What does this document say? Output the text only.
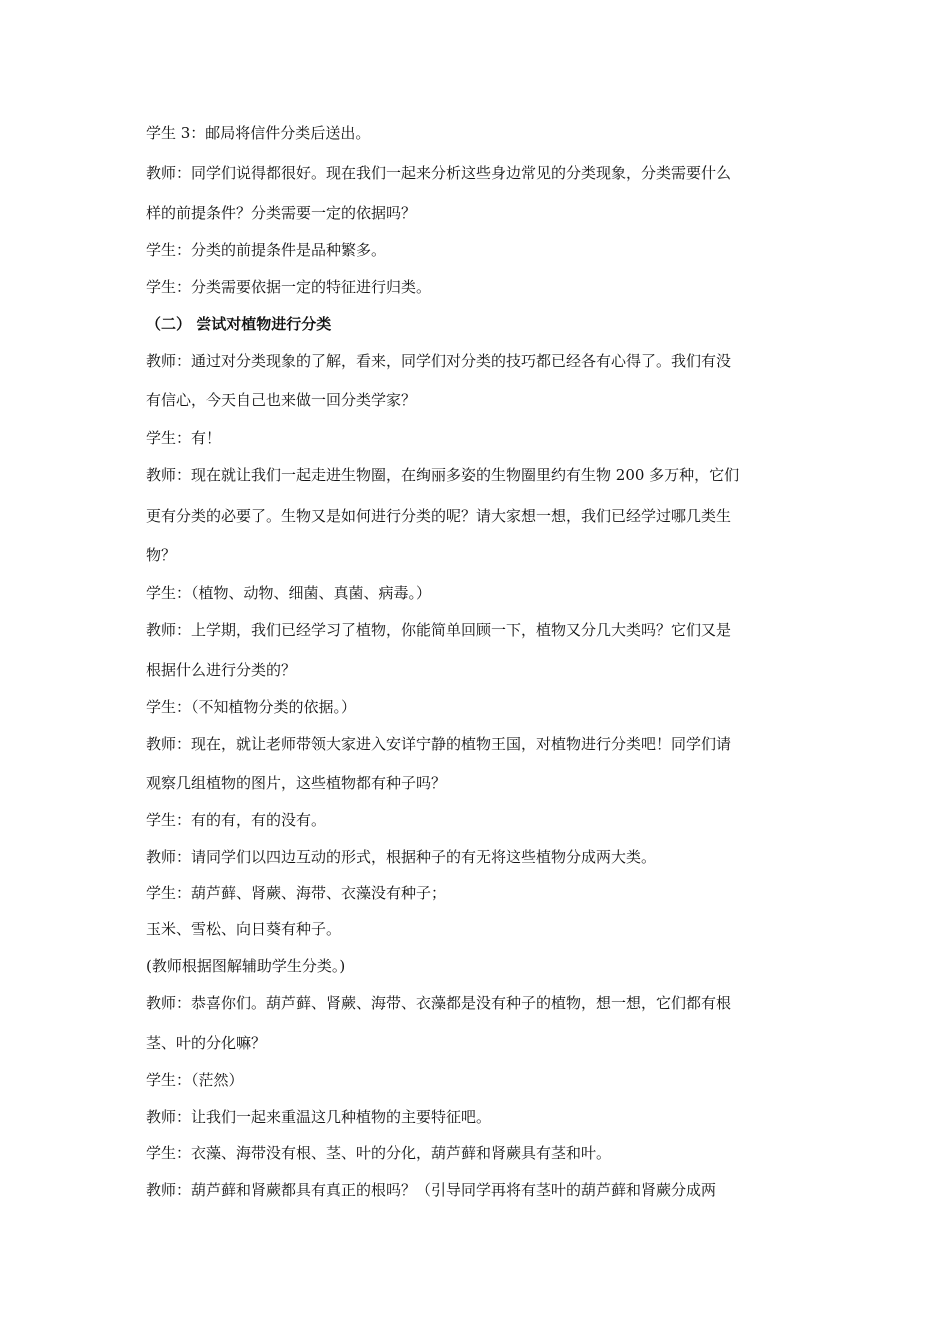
学生 3：邮局将信件分类后送出。
教师：同学们说得都很好。现在我们一起来分析这些身边常见的分类现象，分类需要什么
样的前提条件？分类需要一定的依据吗？
学生：分类的前提条件是品种繁多。
学生：分类需要依据一定的特征进行归类。
（二） 尝试对植物进行分类
教师：通过对分类现象的了解，看来，同学们对分类的技巧都已经各有心得了。我们有没
有信心，今天自己也来做一回分类学家？
学生：有！
教师：现在就让我们一起走进生物圈，在绚丽多姿的生物圈里约有生物 200 多万种，它们
更有分类的必要了。生物又是如何进行分类的呢？请大家想一想，我们已经学过哪几类生
物？
学生：（植物、动物、细菌、真菌、病毒。）
教师：上学期，我们已经学习了植物，你能简单回顾一下，植物又分几大类吗？它们又是
根据什么进行分类的？
学生：（不知植物分类的依据。）
教师：现在，就让老师带领大家进入安详宁静的植物王国，对植物进行分类吧！同学们请
观察几组植物的图片，这些植物都有种子吗？
学生：有的有，有的没有。
教师：请同学们以四边互动的形式，根据种子的有无将这些植物分成两大类。
学生：葫芦藓、肾蕨、海带、衣藻没有种子；
玉米、雪松、向日葵有种子。
(教师根据图解辅助学生分类。)
教师：恭喜你们。葫芦藓、肾蕨、海带、衣藻都是没有种子的植物，想一想，它们都有根
茎、叶的分化嘛？
学生：（茫然）
教师：让我们一起来重温这几种植物的主要特征吧。
学生：衣藻、海带没有根、茎、叶的分化，葫芦藓和肾蕨具有茎和叶。
教师：葫芦藓和肾蕨都具有真正的根吗？（引导同学再将有茎叶的葫芦藓和肾蕨分成两
